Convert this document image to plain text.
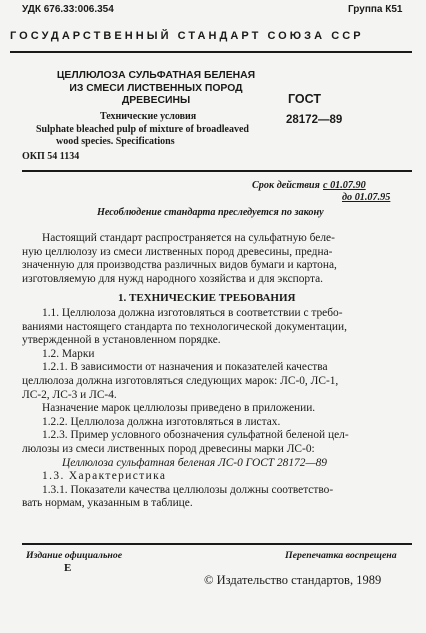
УДК 676.33:006.354	Группа К51
ГОСУДАРСТВЕННЫЙ СТАНДАРТ СОЮЗА ССР
ЦЕЛЛЮЛОЗА СУЛЬФАТНАЯ БЕЛЕНАЯ
ИЗ СМЕСИ ЛИСТВЕННЫХ ПОРОД
ДРЕВЕСИНЫ
Технические условия
Sulphate bleached pulp of mixture of broadleaved
wood species. Specifications
ОКП 54 1134
ГОСТ
28172—89
Срок действия с 01.07.90
до 01.07.95
Несоблюдение стандарта преследуется по закону
Настоящий стандарт распространяется на сульфатную беле-
ную целлюлозу из смеси лиственных пород древесины, предна-
значенную для производства различных видов бумаги и картона,
изготовляемую для нужд народного хозяйства и для экспорта.
1. ТЕХНИЧЕСКИЕ ТРЕБОВАНИЯ
1.1. Целлюлоза должна изготовляться в соответствии с требо-
ваниями настоящего стандарта по технологической документации,
утвержденной в установленном порядке.
1.2. Марки
1.2.1. В зависимости от назначения и показателей качества
целлюлоза должна изготовляться следующих марок: ЛС-0, ЛС-1,
ЛС-2, ЛС-3 и ЛС-4.
Назначение марок целлюлозы приведено в приложении.
1.2.2. Целлюлоза должна изготовляться в листах.
1.2.3. Пример условного обозначения сульфатной беленой цел-
люлозы из смеси лиственных пород древесины марки ЛС-0:
Целлюлоза сульфатная беленая ЛС-0 ГОСТ 28172—89
1.3. Характеристика
1.3.1. Показатели качества целлюлозы должны соответство-
вать нормам, указанным в таблице.
Издание официальное	Перепечатка воспрещена
Е
© Издательство стандартов, 1989
